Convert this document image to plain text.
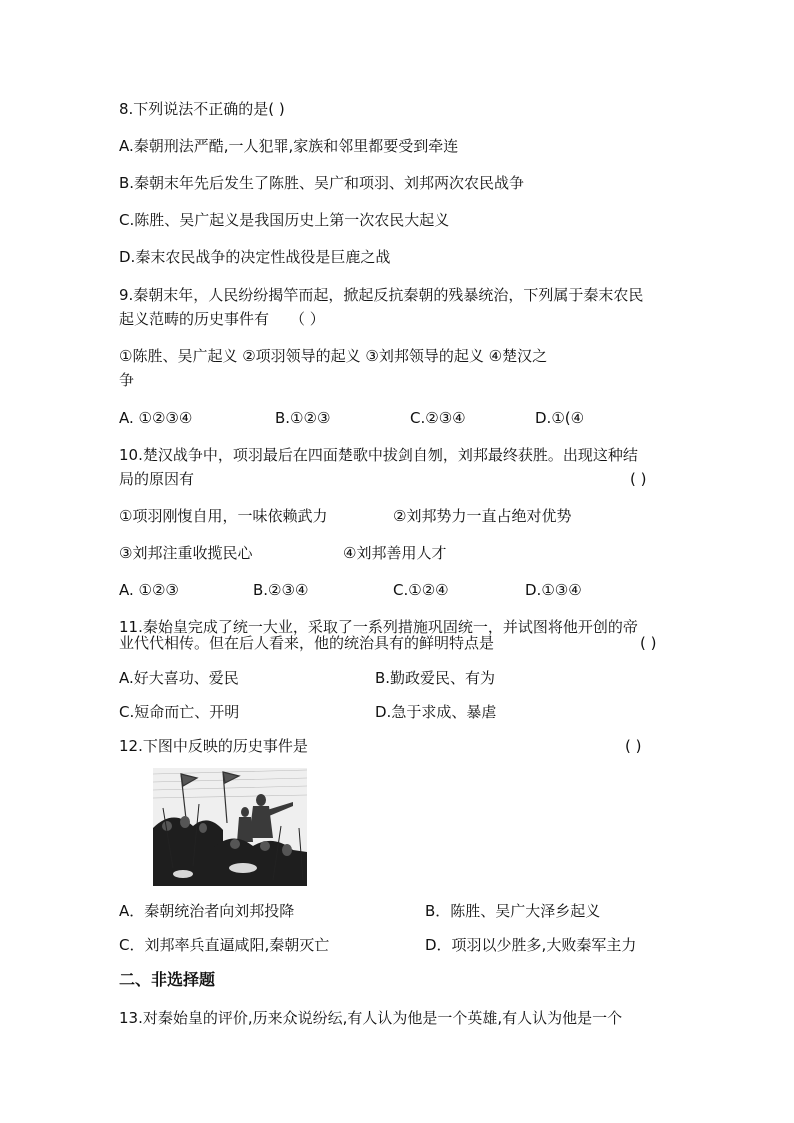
8.下列说法不正确的是( )
A.秦朝刑法严酷,一人犯罪,家族和邻里都要受到牵连
B.秦朝末年先后发生了陈胜、吴广和项羽、刘邦两次农民战争
C.陈胜、吴广起义是我国历史上第一次农民大起义
D.秦末农民战争的决定性战役是巨鹿之战
9.秦朝末年，人民纷纷揭竿而起，掀起反抗秦朝的残暴统治，下列属于秦末农民
起义范畴的历史事件有 （ ）
①陈胜、吴广起义 ②项羽领导的起义 ③刘邦领导的起义 ④楚汉之
争
A. ①②③④	B.①②③	C.②③④	D.①(④
10.楚汉战争中，项羽最后在四面楚歌中拔剑自刎，刘邦最终获胜。出现这种结
局的原因有	( )
①项羽刚愎自用，一味依赖武力	②刘邦势力一直占绝对优势
③刘邦注重收揽民心	④刘邦善用人才
A. ①②③	B.②③④	C.①②④	D.①③④
11.秦始皇完成了统一大业，采取了一系列措施巩固统一，并试图将他开创的帝
业代代相传。但在后人看来，他的统治具有的鲜明特点是	( )
A.好大喜功、爱民	B.勤政爱民、有为
C.短命而亡、开明	D.急于求成、暴虐
12.下图中反映的历史事件是	( )
A．秦朝统治者向刘邦投降	B．陈胜、吴广大泽乡起义
C．刘邦率兵直逼咸阳,秦朝灭亡	D．项羽以少胜多,大败秦军主力
二、非选择题
13.对秦始皇的评价,历来众说纷纭,有人认为他是一个英雄,有人认为他是一个
